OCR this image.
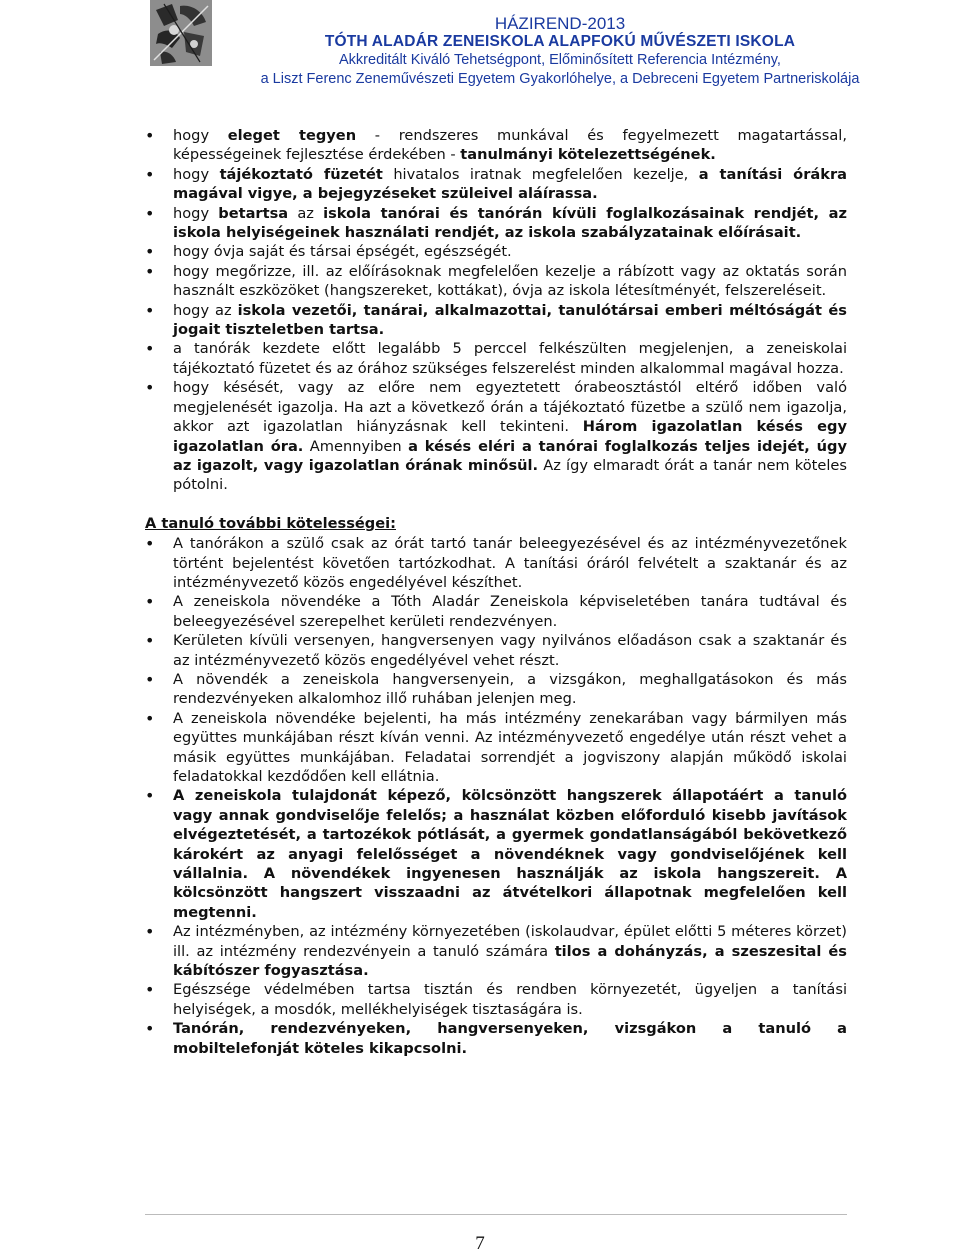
HÁZIREND-2013
TÓTH ALADÁR ZENEISKOLA ALAPFOKÚ MŰVÉSZETI ISKOLA
Akkreditált Kiváló Tehetségpont, Előminősített Referencia Intézmény,
a Liszt Ferenc Zeneművészeti Egyetem Gyakorlóhelye, a Debreceni Egyetem Partneriskolája
• hogy eleget tegyen - rendszeres munkával és fegyelmezett magatartással, képességeinek fejlesztése érdekében - tanulmányi kötelezettségének.
• hogy tájékoztató füzetét hivatalos iratnak megfelelően kezelje, a tanítási órákra magával vigye, a bejegyzéseket szüleivel aláírassa.
• hogy betartsa az iskola tanórai és tanórán kívüli foglalkozásainak rendjét, az iskola helyiségeinek használati rendjét, az iskola szabályzatainak előírásait.
• hogy óvja saját és társai épségét, egészségét.
• hogy megőrizze, ill. az előírásoknak megfelelően kezelje a rábízott vagy az oktatás során használt eszközöket (hangszereket, kottákat), óvja az iskola létesítményét, felszereléseit.
• hogy az iskola vezetői, tanárai, alkalmazottai, tanulótársai emberi méltóságát és jogait tiszteletben tartsa.
• a tanórák kezdete előtt legalább 5 perccel felkészülten megjelenjen, a zeneiskolai tájékoztató füzetet és az órához szükséges felszerelést minden alkalommal magával hozza.
• hogy késését, vagy az előre nem egyeztetett órabeosztástól eltérő időben való megjelenését igazolja. Ha azt a következő órán a tájékoztató füzetbe a szülő nem igazolja, akkor azt igazolatlan hiányzásnak kell tekinteni. Három igazolatlan késés egy igazolatlan óra. Amennyiben a késés eléri a tanórai foglalkozás teljes idejét, úgy az igazolt, vagy igazolatlan órának minősül. Az így elmaradt órát a tanár nem köteles pótolni.
A tanuló további kötelességei:
• A tanórákon a szülő csak az órát tartó tanár beleegyezésével és az intézményvezetőnek történt bejelentést követően tartózkodhat. A tanítási óráról felvételt a szaktanár és az intézményvezető közös engedélyével készíthet.
• A zeneiskola növendéke a Tóth Aladár Zeneiskola képviseletében tanára tudtával és beleegyezésével szerepelhet kerületi rendezvényen.
• Kerületen kívüli versenyen, hangversenyen vagy nyilvános előadáson csak a szaktanár és az intézményvezető közös engedélyével vehet részt.
• A növendék a zeneiskola hangversenyein, a vizsgákon, meghallgatásokon és más rendezvényeken alkalomhoz illő ruhában jelenjen meg.
• A zeneiskola növendéke bejelenti, ha más intézmény zenekarában vagy bármilyen más együttes munkájában részt kíván venni. Az intézményvezető engedélye után részt vehet a másik együttes munkájában. Feladatai sorrendjét a jogviszony alapján működő iskolai feladatokkal kezdődően kell ellátnia.
• A zeneiskola tulajdonát képező, kölcsönzött hangszerek állapotáért a tanuló vagy annak gondviselője felelős; a használat közben előforduló kisebb javítások elvégeztetését, a tartozékok pótlását, a gyermek gondatlanságából bekövetkező károkért az anyagi felelősséget a növendéknek vagy gondviselőjének kell vállalnia. A növendékek ingyenesen használják az iskola hangszereit. A kölcsönzött hangszert visszaadni az átvételkori állapotnak megfelelően kell megtenni.
• Az intézményben, az intézmény környezetében (iskolaudvar, épület előtti 5 méteres körzet) ill. az intézmény rendezvényein a tanuló számára tilos a dohányzás, a szeszesital és kábítószer fogyasztása.
• Egészsége védelmében tartsa tisztán és rendben környezetét, ügyeljen a tanítási helyiségek, a mosdók, mellékhelyiségek tisztaságára is.
• Tanórán, rendezvényeken, hangversenyeken, vizsgákon a tanuló a mobiltelefonját köteles kikapcsolni.
7
